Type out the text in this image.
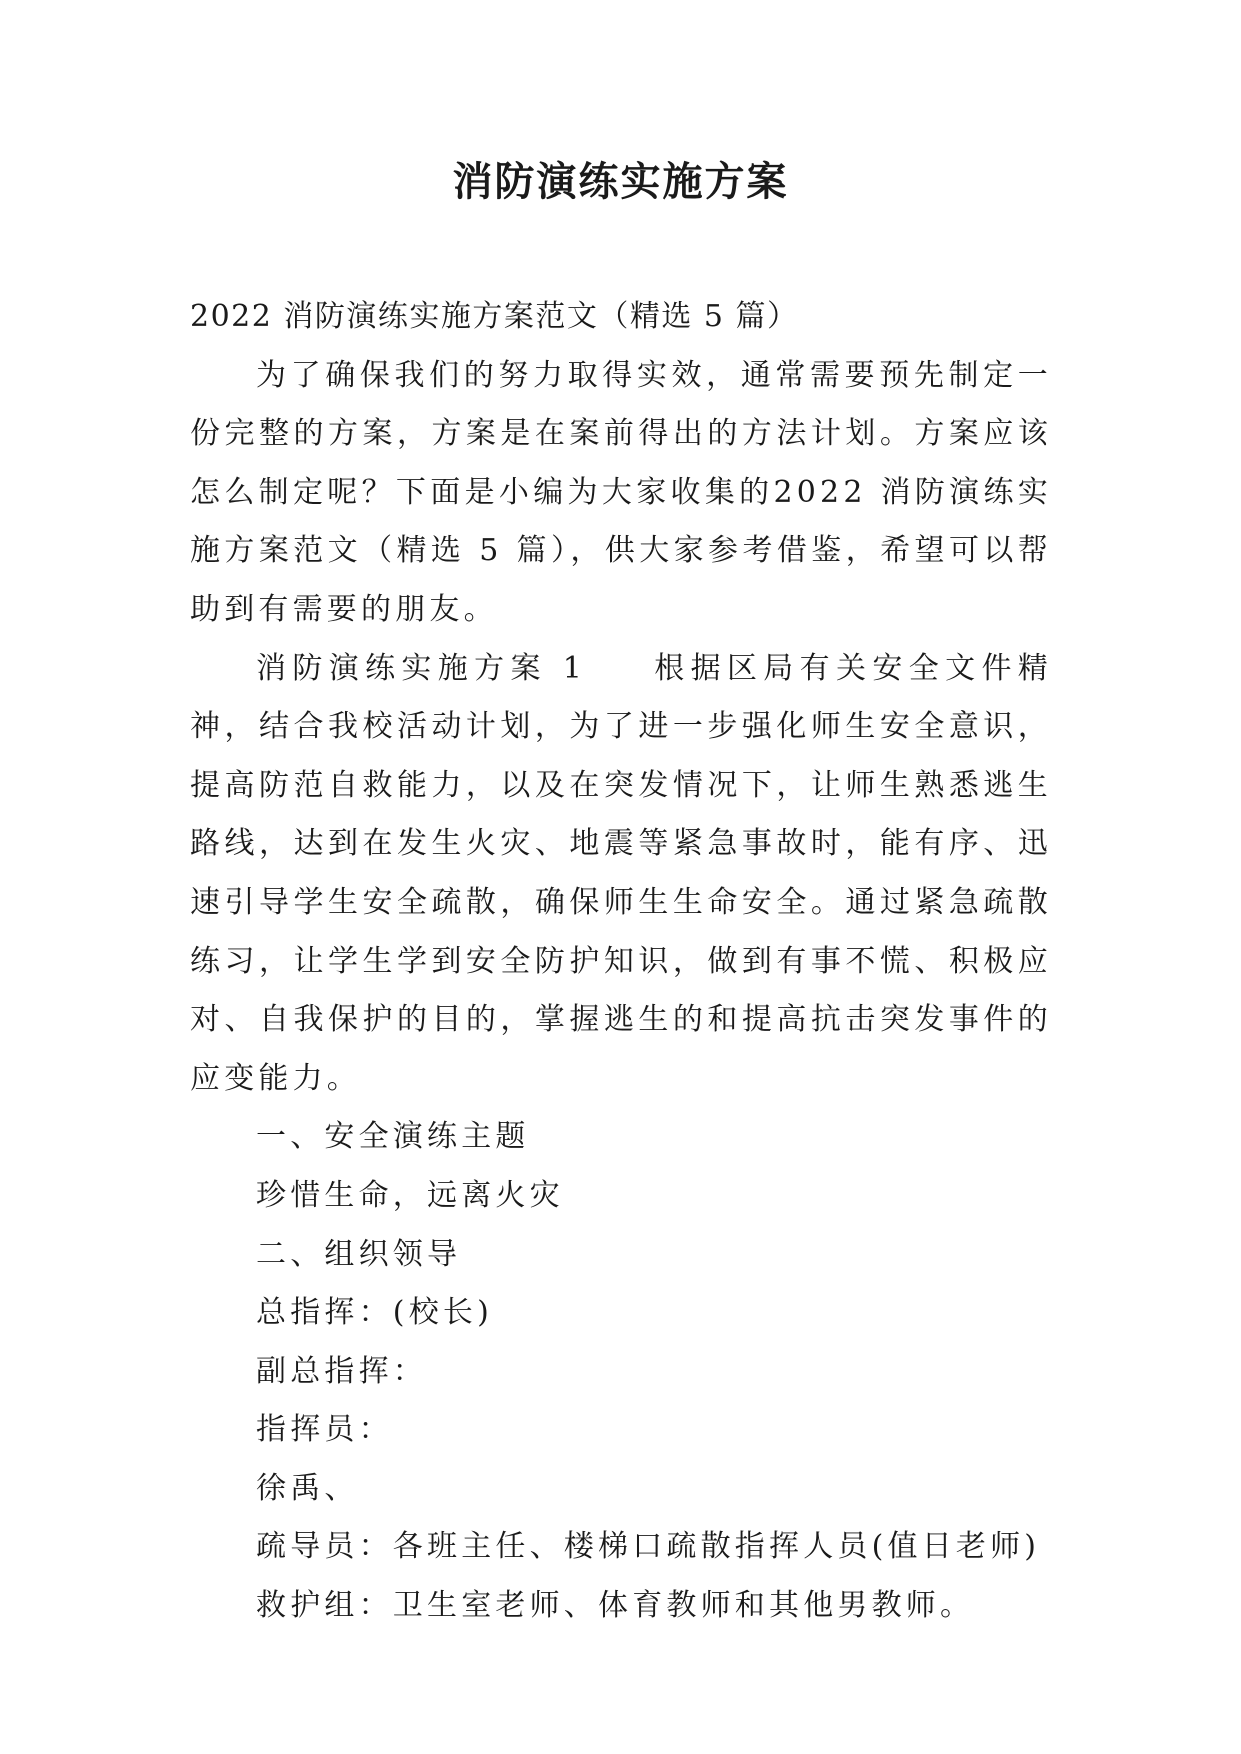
消防演练实施方案

2022 消防演练实施方案范文（精选 5 篇）

为了确保我们的努力取得实效，通常需要预先制定一份完整的方案，方案是在案前得出的方法计划。方案应该怎么制定呢？下面是小编为大家收集的2022 消防演练实施方案范文（精选 5 篇），供大家参考借鉴，希望可以帮助到有需要的朋友。

消防演练实施方案 1 根据区局有关安全文件精神，结合我校活动计划，为了进一步强化师生安全意识，提高防范自救能力，以及在突发情况下，让师生熟悉逃生路线，达到在发生火灾、地震等紧急事故时，能有序、迅速引导学生安全疏散，确保师生生命安全。通过紧急疏散练习，让学生学到安全防护知识，做到有事不慌、积极应对、自我保护的目的，掌握逃生的和提高抗击突发事件的应变能力。

一、安全演练主题

珍惜生命，远离火灾

二、组织领导

总指挥：(校长)

副总指挥：

指挥员：

徐禹、

疏导员：各班主任、楼梯口疏散指挥人员(值日老师)

救护组：卫生室老师、体育教师和其他男教师。
